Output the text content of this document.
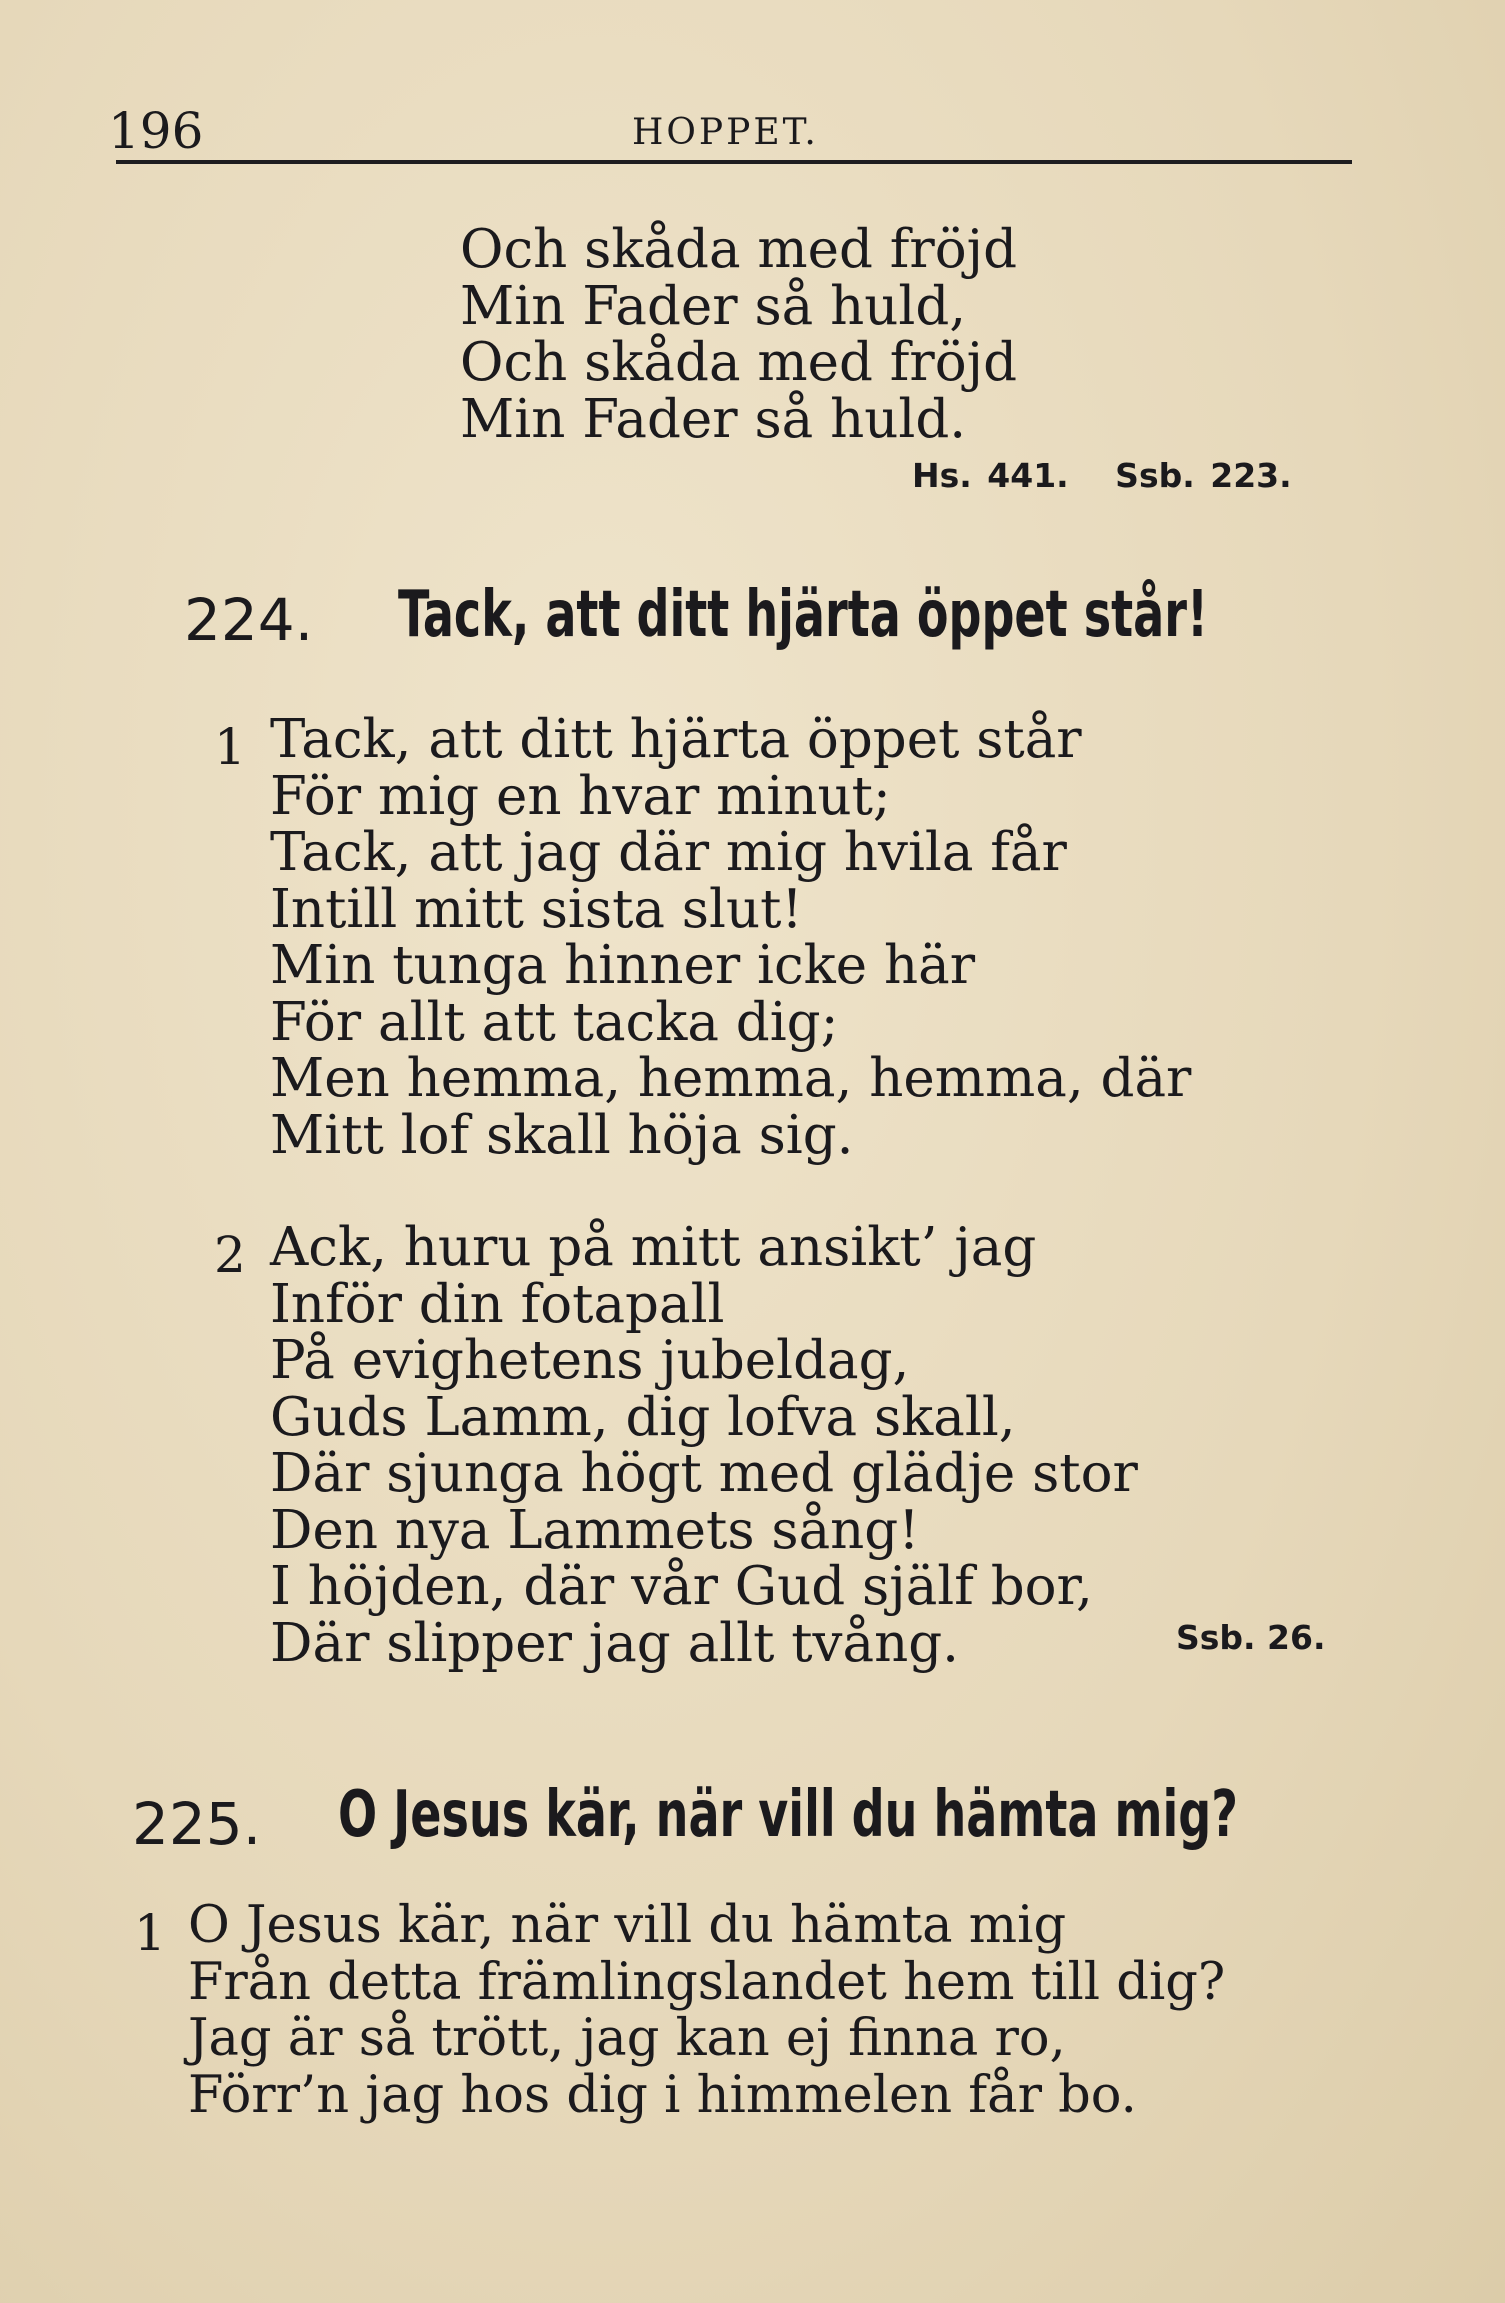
196	HOPPET.
Och skåda med fröjd
Min Fader så huld,
Och skåda med fröjd
Min Fader så huld.
Hs. 441.   Ssb. 223.
224. Tack, att ditt hjärta öppet står!
1 Tack, att ditt hjärta öppet står
För mig en hvar minut;
Tack, att jag där mig hvila får
Intill mitt sista slut!
Min tunga hinner icke här
För allt att tacka dig;
Men hemma, hemma, hemma, där
Mitt lof skall höja sig.
2 Ack, huru på mitt ansikt’ jag
Inför din fotapall
På evighetens jubeldag,
Guds Lamm, dig lofva skall,
Där sjunga högt med glädje stor
Den nya Lammets sång!
I höjden, där vår Gud själf bor,
Där slipper jag allt tvång.	Ssb. 26.
225. O Jesus kär, när vill du hämta mig?
1 O Jesus kär, när vill du hämta mig
Från detta främlingslandet hem till dig?
Jag är så trött, jag kan ej finna ro,
Förr’n jag hos dig i himmelen får bo.
